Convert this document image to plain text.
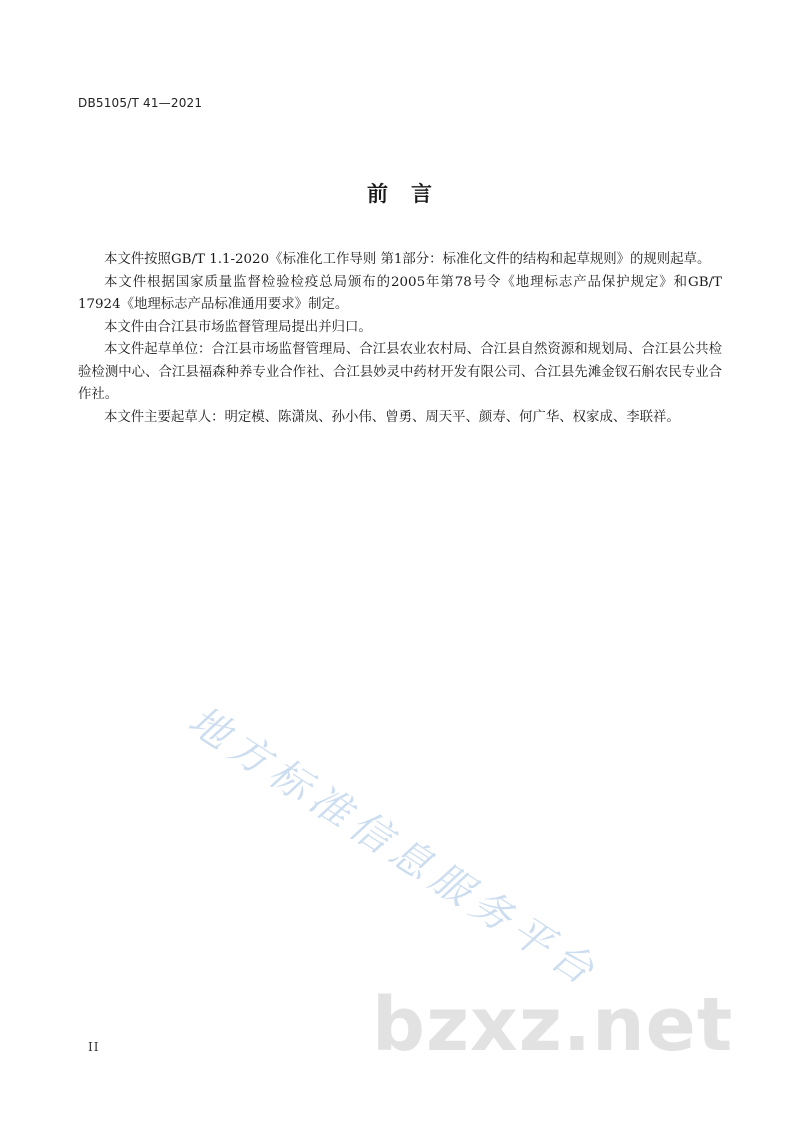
DB5105/T 41—2021
前　言

本文件按照GB/T 1.1-2020《标准化工作导则 第1部分：标准化文件的结构和起草规则》的规则起草。

本文件根据国家质量监督检验检疫总局颁布的2005年第78号令《地理标志产品保护规定》和GB/T 17924《地理标志产品标准通用要求》制定。

本文件由合江县市场监督管理局提出并归口。

本文件起草单位：合江县市场监督管理局、合江县农业农村局、合江县自然资源和规划局、合江县公共检验检测中心、合江县福森种养专业合作社、合江县妙灵中药材开发有限公司、合江县先滩金钗石斛农民专业合作社。

本文件主要起草人：明定模、陈潇岚、孙小伟、曾勇、周天平、颜寿、何广华、权家成、李联祥。

地方标准信息服务平台
bzxz.net
II
